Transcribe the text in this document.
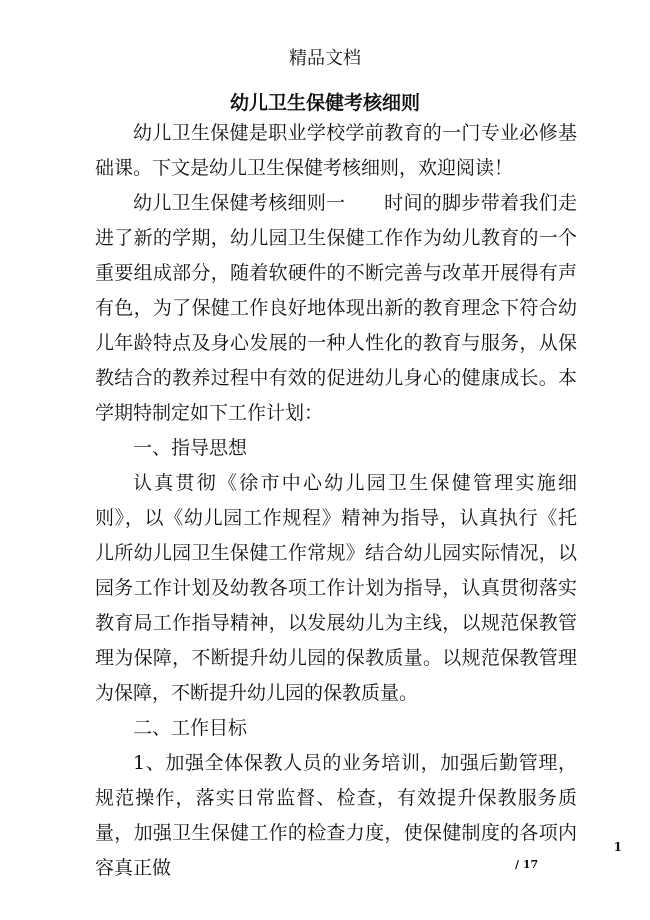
精品文档
幼儿卫生保健考核细则

幼儿卫生保健是职业学校学前教育的一门专业必修基础课。下文是幼儿卫生保健考核细则，欢迎阅读！

幼儿卫生保健考核细则一　　时间的脚步带着我们走进了新的学期，幼儿园卫生保健工作作为幼儿教育的一个重要组成部分，随着软硬件的不断完善与改革开展得有声有色，为了保健工作良好地体现出新的教育理念下符合幼儿年龄特点及身心发展的一种人性化的教育与服务，从保教结合的教养过程中有效的促进幼儿身心的健康成长。本学期特制定如下工作计划：

一、指导思想

认真贯彻《徐市中心幼儿园卫生保健管理实施细则》，以《幼儿园工作规程》精神为指导，认真执行《托儿所幼儿园卫生保健工作常规》结合幼儿园实际情况，以园务工作计划及幼教各项工作计划为指导，认真贯彻落实教育局工作指导精神，以发展幼儿为主线，以规范保教管理为保障，不断提升幼儿园的保教质量。以规范保教管理为保障，不断提升幼儿园的保教质量。

二、工作目标

1、加强全体保教人员的业务培训，加强后勤管理，规范操作，落实日常监督、检查，有效提升保教服务质量，加强卫生保健工作的检查力度，使保健制度的各项内容真正做

1
/ 17
